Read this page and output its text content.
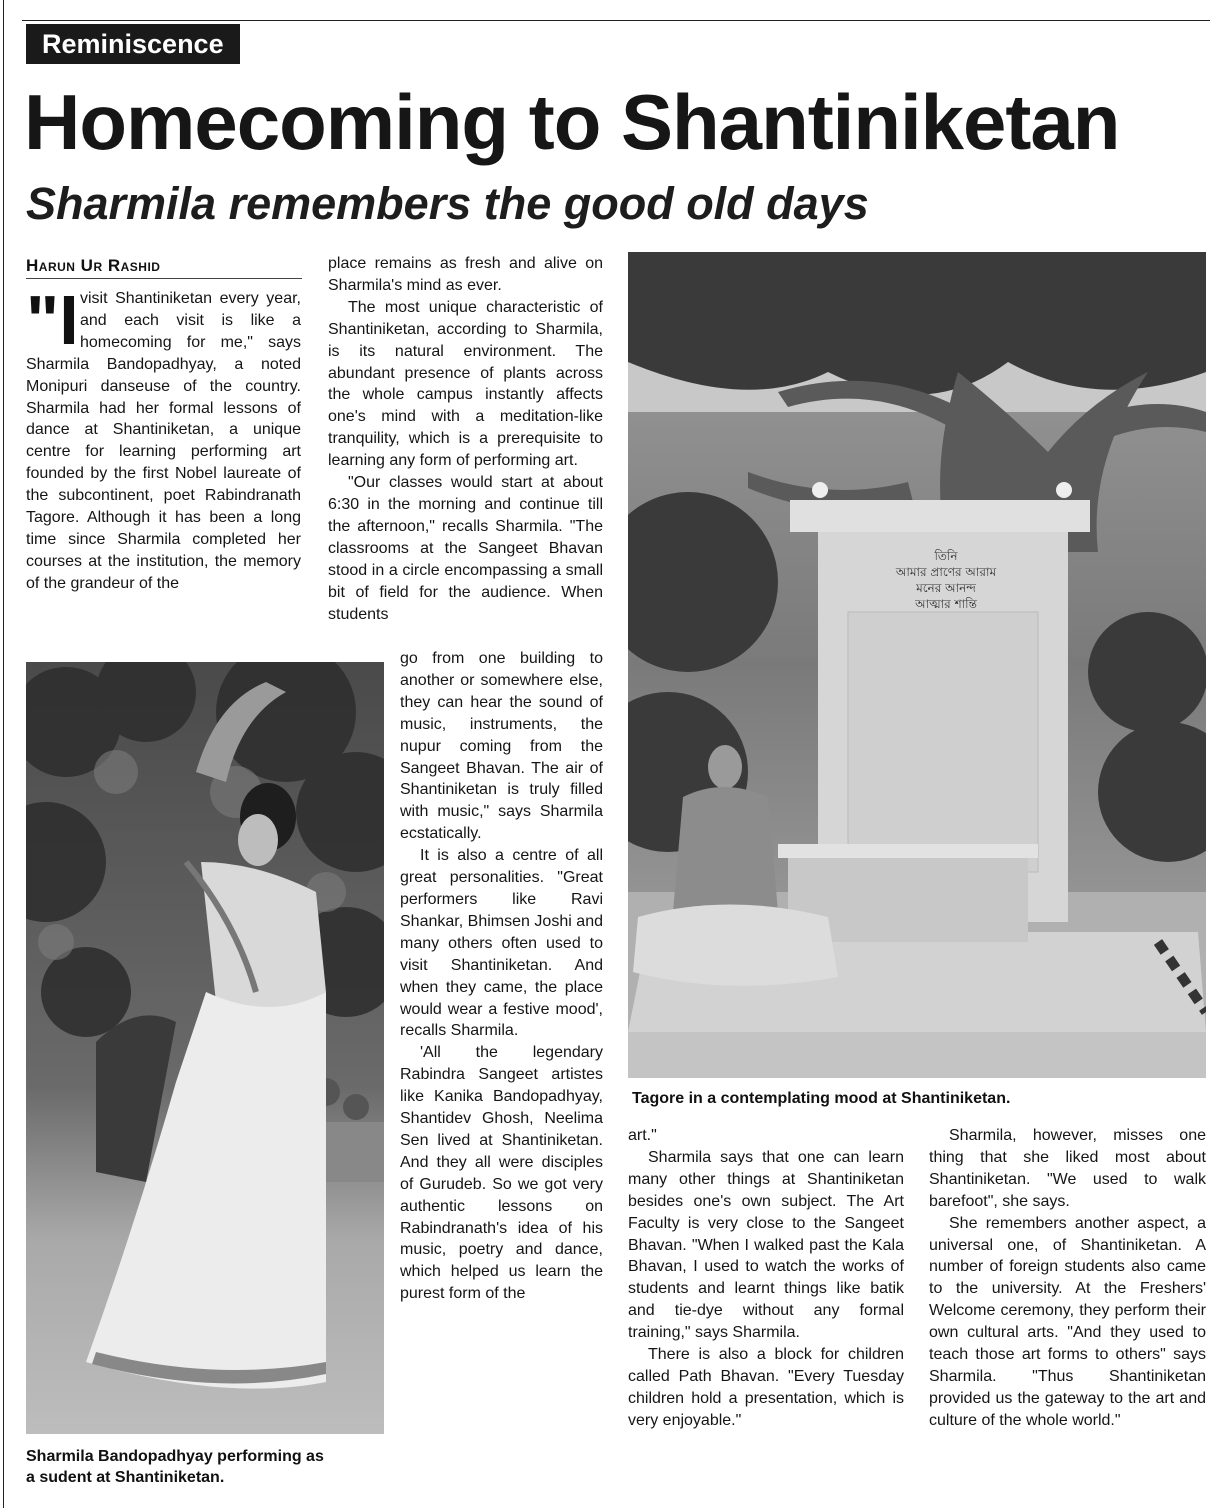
Reminiscence
Homecoming to Shantiniketan
Sharmila remembers the good old days
Harun Ur Rashid
"I visit Shantiniketan every year, and each visit is like a homecoming for me," says Sharmila Bandopadhyay, a noted Monipuri danseuse of the country. Sharmila had her formal lessons of dance at Shantiniketan, a unique centre for learning performing art founded by the first Nobel laureate of the subcontinent, poet Rabindranath Tagore. Although it has been a long time since Sharmila completed her courses at the institution, the memory of the grandeur of the

Sharmila Bandopadhyay performing as a sudent at Shantiniketan.

place remains as fresh and alive on Sharmila's mind as ever.

The most unique characteristic of Shantiniketan, according to Sharmila, is its natural environment. The abundant presence of plants across the whole campus instantly affects one's mind with a meditation-like tranquility, which is a prerequisite to learning any form of performing art.

"Our classes would start at about 6:30 in the morning and continue till the afternoon," recalls Sharmila. "The classrooms at the Sangeet Bhavan stood in a circle encompassing a small bit of field for the audience. When students

go from one building to another or somewhere else, they can hear the sound of music, instruments, the nupur coming from the Sangeet Bhavan. The air of Shantiniketan is truly filled with music," says Sharmila ecstatically.

It is also a centre of all great personalities. "Great performers like Ravi Shankar, Bhimsen Joshi and many others often used to visit Shantiniketan. And when they came, the place would wear a festive mood', recalls Sharmila.

'All the legendary Rabindra Sangeet artistes like Kanika Bandopadhyay, Shantidev Ghosh, Neelima Sen lived at Shantiniketan. And they all were disciples of Gurudeb. So we got very authentic lessons on Rabindranath's idea of his music, poetry and dance, which helped us learn the purest form of the

তিনি
আমার প্রাণের আরাম
মনের আনন্দ
আত্মার শান্তি
Tagore in a contemplating mood at Shantiniketan.

art."

Sharmila says that one can learn many other things at Shantiniketan besides one's own subject. The Art Faculty is very close to the Sangeet Bhavan. "When I walked past the Kala Bhavan, I used to watch the works of students and learnt things like batik and tie-dye without any formal training," says Sharmila.

There is also a block for children called Path Bhavan. "Every Tuesday children hold a presentation, which is very enjoyable."

Sharmila, however, misses one thing that she liked most about Shantiniketan. "We used to walk barefoot", she says.

She remembers another aspect, a universal one, of Shantiniketan. A number of foreign students also came to the university. At the Freshers' Welcome ceremony, they perform their own cultural arts. "And they used to teach those art forms to others" says Sharmila. "Thus Shantiniketan provided us the gateway to the art and culture of the whole world."
